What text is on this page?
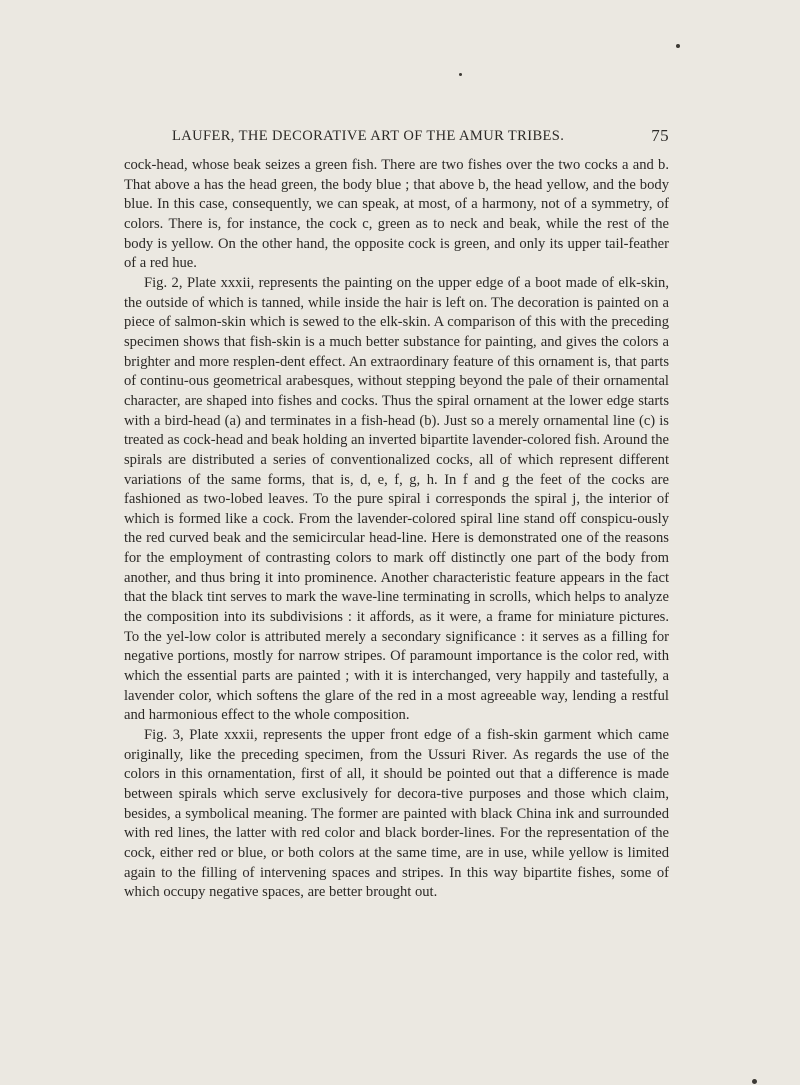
LAUFER, THE DECORATIVE ART OF THE AMUR TRIBES.	75

cock-head, whose beak seizes a green fish. There are two fishes over the two cocks a and b. That above a has the head green, the body blue ; that above b, the head yellow, and the body blue. In this case, consequently, we can speak, at most, of a harmony, not of a symmetry, of colors. There is, for instance, the cock c, green as to neck and beak, while the rest of the body is yellow. On the other hand, the opposite cock is green, and only its upper tail-feather of a red hue.

Fig. 2, Plate xxxii, represents the painting on the upper edge of a boot made of elk-skin, the outside of which is tanned, while inside the hair is left on. The decoration is painted on a piece of salmon-skin which is sewed to the elk-skin. A comparison of this with the preceding specimen shows that fish-skin is a much better substance for painting, and gives the colors a brighter and more resplen-dent effect. An extraordinary feature of this ornament is, that parts of continu-ous geometrical arabesques, without stepping beyond the pale of their ornamental character, are shaped into fishes and cocks. Thus the spiral ornament at the lower edge starts with a bird-head (a) and terminates in a fish-head (b). Just so a merely ornamental line (c) is treated as cock-head and beak holding an inverted bipartite lavender-colored fish. Around the spirals are distributed a series of conventionalized cocks, all of which represent different variations of the same forms, that is, d, e, f, g, h. In f and g the feet of the cocks are fashioned as two-lobed leaves. To the pure spiral i corresponds the spiral j, the interior of which is formed like a cock. From the lavender-colored spiral line stand off conspicu-ously the red curved beak and the semicircular head-line. Here is demonstrated one of the reasons for the employment of contrasting colors to mark off distinctly one part of the body from another, and thus bring it into prominence. Another characteristic feature appears in the fact that the black tint serves to mark the wave-line terminating in scrolls, which helps to analyze the composition into its subdivisions : it affords, as it were, a frame for miniature pictures. To the yel-low color is attributed merely a secondary significance : it serves as a filling for negative portions, mostly for narrow stripes. Of paramount importance is the color red, with which the essential parts are painted ; with it is interchanged, very happily and tastefully, a lavender color, which softens the glare of the red in a most agreeable way, lending a restful and harmonious effect to the whole composition.

Fig. 3, Plate xxxii, represents the upper front edge of a fish-skin garment which came originally, like the preceding specimen, from the Ussuri River. As regards the use of the colors in this ornamentation, first of all, it should be pointed out that a difference is made between spirals which serve exclusively for decora-tive purposes and those which claim, besides, a symbolical meaning. The former are painted with black China ink and surrounded with red lines, the latter with red color and black border-lines. For the representation of the cock, either red or blue, or both colors at the same time, are in use, while yellow is limited again to the filling of intervening spaces and stripes. In this way bipartite fishes, some of which occupy negative spaces, are better brought out.
